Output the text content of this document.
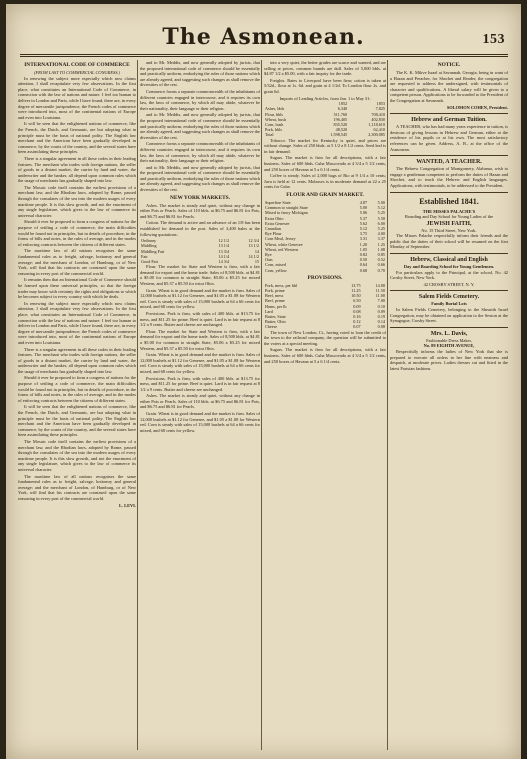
The Asmonean.	153
INTERNATIONAL CODE OF COMMERCE
(FROM LAST TO COMMERCIAL CONGRESS.)

In renewing the subject more especially which now claims attention, I shall recapitulate very few observations. In the first place, what constitutes an International Code of Commerce, in connection with the law of nations and nature. I feel too human to deliver in London and Paris, while I have found, there are, in every degree of mercantile jurisprudence, the French codes of commerce were introduced into, most of the continental nations of Europe and even into Louisiana.

It will be seen that the enlightened nations of commerce, like the French, the Dutch, and Germanic, are but adopting what in principle must be the basis of national polity. The English law merchant and the American have been gradually developed in commerce, by the courts of the country, and the several states have been assimilating these principles.

There is a singular agreement in all these codes in their leading features. The merchant who trades with foreign nations, the seller of goods in a distant market, the carrier by land and water, the underwriter and the banker, all depend upon common rules which the usage of merchants has gradually shaped into law.

The Mosaic code itself contains the earliest provisions of a merchant law, and the Rhodian laws, adopted by Rome, passed through the consulates of the sea into the modern usages of every maritime people. It is this slow growth, and not the enactment of any single legislature, which gives to the law of commerce its universal character.

Should it ever be proposed to form a congress of nations for the purpose of settling a code of commerce, the main difficulties would be found not in principles, but in details of procedure, in the forms of bills and notes, in the rules of average, and in the modes of enforcing contracts between the citizens of different states.

The maritime law of all nations recognises the same fundamental rules as to freight, salvage, bottomry and general average; and the merchant of London, of Hamburg, or of New York, will find that his contracts are construed upon the same reasoning in every port of the commercial world.

It remains then that an International Code of Commerce should be framed upon these universal principles, so that the foreign trader may know with certainty the rights and obligations to which he becomes subject in every country with which he deals.

In renewing the subject more especially which now claims attention, I shall recapitulate very few observations. In the first place, what constitutes an International Code of Commerce, in connection with the law of nations and nature. I feel too human to deliver in London and Paris, while I have found, there are, in every degree of mercantile jurisprudence, the French codes of commerce were introduced into, most of the continental nations of Europe and even into Louisiana.

There is a singular agreement in all these codes in their leading features. The merchant who trades with foreign nations, the seller of goods in a distant market, the carrier by land and water, the underwriter and the banker, all depend upon common rules which the usage of merchants has gradually shaped into law.

Should it ever be proposed to form a congress of nations for the purpose of settling a code of commerce, the main difficulties would be found not in principles, but in details of procedure, in the forms of bills and notes, in the rules of average, and in the modes of enforcing contracts between the citizens of different states.

It will be seen that the enlightened nations of commerce, like the French, the Dutch, and Germanic, are but adopting what in principle must be the basis of national polity. The English law merchant and the American have been gradually developed in commerce, by the courts of the country, and the several states have been assimilating these principles.

The Mosaic code itself contains the earliest provisions of a merchant law, and the Rhodian laws, adopted by Rome, passed through the consulates of the sea into the modern usages of every maritime people. It is this slow growth, and not the enactment of any single legislature, which gives to the law of commerce its universal character.

The maritime law of all nations recognises the same fundamental rules as to freight, salvage, bottomry and general average; and the merchant of London, of Hamburg, or of New York, will find that his contracts are construed upon the same reasoning in every port of the commercial world.

L. LEVI.

and to Mr. Meddis, and now generally adopted by jurists, that the proposed international code of commerce should be essentially and practically uniform, embodying the rules of those nations which are already agreed, and suggesting such changes as shall remove the diversities of the rest.

Commerce forms a separate commonwealth of the inhabitants of different countries engaged in intercourse, and it requires its own law, the laws of commerce, by which all may abide, whatever be their nationality, their language or their religion.

and to Mr. Meddis, and now generally adopted by jurists, that the proposed international code of commerce should be essentially and practically uniform, embodying the rules of those nations which are already agreed, and suggesting such changes as shall remove the diversities of the rest.

Commerce forms a separate commonwealth of the inhabitants of different countries engaged in intercourse, and it requires its own law, the laws of commerce, by which all may abide, whatever be their nationality, their language or their religion.

and to Mr. Meddis, and now generally adopted by jurists, that the proposed international code of commerce should be essentially and practically uniform, embodying the rules of those nations which are already agreed, and suggesting such changes as shall remove the diversities of the rest.

NEW YORK MARKETS.

Ashes. The market is steady and quiet, without any change in either Pots or Pearls. Sales of 110 bbls. at $6.75 and $6.81 for Pots, and $6.75 and $6.81 for Pearls.

Cotton. The demand is active and an advance of an 1/8 has been established for demand in the port. Sales of 3,400 bales at the following quotations:

Ordinary	12 1/2	12 3/4
Middling	13 1/4	13 1/2
Middling Fair	13 3/4	14
Fair	14 1/4	14 1/2
Good Fair	14 3/4	15

Flour. The market for State and Western is firm, with a fair demand for export and the home trade. Sales of 8,500 bbls. at $4.81 a $5.00 for common to straight State, $5.06 a $5.25 for mixed Western, and $5.37 a $5.50 for extra Ohio.

Grain. Wheat is in good demand and the market is firm. Sales of 12,000 bushels at $1.12 for Genesee, and $1.05 a $1.08 for Western red. Corn is steady with sales of 15,000 bushels at 64 a 66 cents for mixed, and 68 cents for yellow.

Provisions. Pork is firm, with sales of 400 bbls. at $13.75 for mess, and $11.25 for prime. Beef is quiet. Lard is in fair request at 8 1/2 a 9 cents. Butter and cheese are unchanged.

Flour. The market for State and Western is firm, with a fair demand for export and the home trade. Sales of 8,500 bbls. at $4.81 a $5.00 for common to straight State, $5.06 a $5.25 for mixed Western, and $5.37 a $5.50 for extra Ohio.

Grain. Wheat is in good demand and the market is firm. Sales of 12,000 bushels at $1.12 for Genesee, and $1.05 a $1.08 for Western red. Corn is steady with sales of 15,000 bushels at 64 a 66 cents for mixed, and 68 cents for yellow.

Provisions. Pork is firm, with sales of 400 bbls. at $13.75 for mess, and $11.25 for prime. Beef is quiet. Lard is in fair request at 8 1/2 a 9 cents. Butter and cheese are unchanged.

Ashes. The market is steady and quiet, without any change in either Pots or Pearls. Sales of 110 bbls. at $6.75 and $6.81 for Pots, and $6.75 and $6.81 for Pearls.

Grain. Wheat is in good demand and the market is firm. Sales of 12,000 bushels at $1.12 for Genesee, and $1.05 a $1.08 for Western red. Corn is steady with sales of 15,000 bushels at 64 a 66 cents for mixed, and 68 cents for yellow.

into a very quiet, the better grades are scarce and wanted, and are selling at prices, common brands are dull. Sales of 5,000 bbls. at $4.87 1/2 a $5.00, with a fair inquiry for the trade.

Freights. Rates to Liverpool have been firm; cotton is taken at 5/32d., flour at 1s. 6d. and grain at 4 1/2d. To London flour 2s. and grain 6d.

Imports of Leading Articles, from Jan. 1 to May 31:
	1852	1853
Ashes, bbls	6,340	7,825
Flour, bbls	511,760	708,410
Wheat, bush	196,405	402,830
Corn, bush	835,520	1,118,610
Pork, bbls	48,520	62,410
Total	1,598,545	2,300,085

Tobacco. The market for Kentucky is quiet, and prices are without change. Sales of 250 hhds. at 5 1/2 a 8 1/2 cents. Seed leaf is in fair demand.

Sugars. The market is firm for all descriptions, with a fair business. Sales of 600 hhds. Cuba Muscovado at 4 3/4 a 5 1/2 cents, and 250 boxes of Havana at 5 a 6 1/4 cents.

Coffee is steady. Sales of 2,000 bags of Rio at 9 1/4 a 10 cents; Java is held at 12 cents. Molasses is in moderate demand at 22 a 25 cents for Cuba.

FLOUR AND GRAIN MARKET.
Superfine State	4.87	5.00
Common to straight State	5.00	5.12
Mixed to fancy Michigan	5.06	5.25
Extra Ohio	5.37	5.50
Extra Genesee	5.62	6.00
Canadian	5.12	5.25
Rye Flour	3.75	4.00
Corn Meal, Jersey	3.31	3.37
Wheat, white Genesee	1.20	1.25
Wheat, red Western	1.05	1.08
Rye	0.82	0.85
Oats	0.50	0.52
Corn, mixed	0.64	0.66
Corn, yellow	0.68	0.70
PROVISIONS.
Pork, mess, per bbl	13.75	14.00
Pork, prime	11.25	11.50
Beef, mess	10.50	11.00
Beef, prime	6.50	7.00
Hams, per lb	0.09	0.10
Lard	0.08	0.09
Butter, State	0.16	0.19
Butter, Ohio	0.12	0.14
Cheese	0.07	0.08

The town of New London, Ct., having voted to loan the credit of the town to the railroad company, the question will be submitted to the voters at a special meeting.

Sugars. The market is firm for all descriptions, with a fair business. Sales of 600 hhds. Cuba Muscovado at 4 3/4 a 5 1/2 cents, and 250 boxes of Havana at 5 a 6 1/4 cents.

NOTICE.

The K. K. Mikve Israel at Savannah, Georgia, being in want of a Hazan and Preacher, for Shochet and Reader, the congregation are requested to address the undersigned, with testimonials of character and qualifications. A liberal salary will be given to a competent person. Applications to be forwarded to the President of the Congregation at Savannah.

SOLOMON COHEN, President.
Hebrew and German Tuition.

A TEACHER, who has had many years experience in tuition, is desirous of giving lessons in Hebrew and German, either at the residence of his pupils or at his own. The most satisfactory references can be given. Address, A. B., at the office of the Asmonean.

WANTED, A TEACHER.

The Hebrew Congregation of Montgomery, Alabama, wish to engage a gentleman competent to perform the duties of Hazan and Shochet, and to teach the Hebrew and English languages. Applications, with testimonials, to be addressed to the President.

Established 1841.
THE MISSES PALACHE'S
Boarding and Day School for Young Ladies of the
JEWISH FAITH,
No. 15 Third Street, New York.

The Misses Palache respectfully inform their friends and the public that the duties of their school will be resumed on the first Monday of September.

Hebrew, Classical and English
Day and Boarding School for Young Gentlemen.

For particulars apply to the Principal, at the school, No. 42 Crosby Street, New York.

42 CROSBY STREET, N. Y.
Salem Fields Cemetery.
Family Burial Lots

In Salem Fields Cemetery, belonging to the Shearith Israel Congregation, may be obtained on application to the Sexton at the Synagogue, Crosby Street.

Mrs. L. Davis,
Fashionable Dress Maker,
No. 89 EIGHTH AVENUE,

Respectfully informs the ladies of New York that she is prepared to execute all orders in her line with neatness and despatch, at moderate prices. Ladies dresses cut and fitted in the latest Parisian fashions.
